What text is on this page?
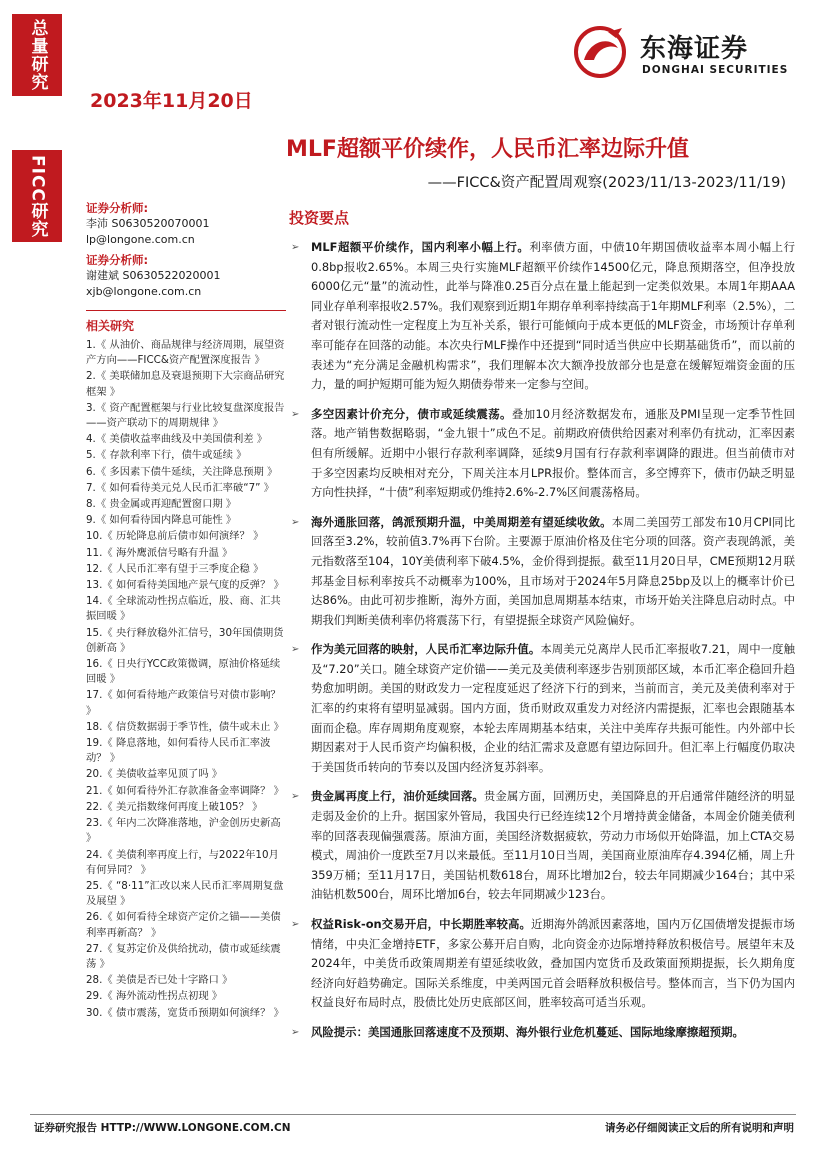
总量研究
FICC研究
2023年11月20日
东海证券
DONGHAI SECURITIES
MLF超额平价续作，人民币汇率边际升值
——FICC&资产配置周观察(2023/11/13-2023/11/19)
证券分析师:
李沛 S0630520070001
lp@longone.com.cn
证券分析师:
谢建斌 S0630522020001
xjb@longone.com.cn
相关研究
1.《 从油价、商品规律与经济周期，展望资产方向——FICC&资产配置深度报告 》
2.《 美联储加息及衰退预期下大宗商品研究框架 》
3.《 资产配置框架与行业比较复盘深度报告——资产联动下的周期规律 》
4.《 美债收益率曲线及中美国债利差 》
5.《 存款利率下行，债牛或延续 》
6.《 多因素下债牛延续，关注降息预期 》
7.《 如何看待美元兑人民币汇率破“7” 》
8.《 贵金属或再迎配置窗口期 》
9.《 如何看待国内降息可能性 》
10.《 历轮降息前后债市如何演绎？ 》
11.《 海外鹰派信号略有升温 》
12.《 人民币汇率有望于三季度企稳 》
13.《 如何看待美国地产景气度的反弹？ 》
14.《 全球流动性拐点临近，股、商、汇共振回暖 》
15.《 央行释放稳外汇信号，30年国债期货创新高 》
16.《 日央行YCC政策微调，原油价格延续回暖 》
17.《 如何看待地产政策信号对债市影响？ 》
18.《 信贷数据弱于季节性，债牛或未止 》
19.《 降息落地，如何看待人民币汇率波动？ 》
20.《 美债收益率见顶了吗 》
21.《 如何看待外汇存款准备金率调降？ 》
22.《 美元指数缘何再度上破105？ 》
23.《 年内二次降准落地，沪金创历史新高 》
24.《 美债利率再度上行，与2022年10月有何异同？ 》
25.《 “8·11”汇改以来人民币汇率周期复盘及展望 》
26.《 如何看待全球资产定价之锚——美债利率再新高？ 》
27.《 复苏定价及供给扰动，债市或延续震荡 》
28.《 美债是否已处十字路口 》
29.《 海外流动性拐点初现 》
30.《 债市震荡，宽货币预期如何演绎？ 》
投资要点
➢ MLF超额平价续作，国内利率小幅上行。利率债方面，中债10年期国债收益率本周小幅上行0.8bp报收2.65%。本周三央行实施MLF超额平价续作14500亿元，降息预期落空，但净投放6000亿元“量”的流动性，此举与降准0.25百分点在量上能起到一定类似效果。本周1年期AAA同业存单利率报收2.57%。我们观察到近期1年期存单利率持续高于1年期MLF利率（2.5%），二者对银行流动性一定程度上为互补关系，银行可能倾向于成本更低的MLF资金，市场预计存单利率可能存在回落的动能。本次央行MLF操作中还提到“同时适当供应中长期基础货币”，而以前的表述为“充分满足金融机构需求”，我们理解本次大额净投放部分也是意在缓解短端资金面的压力，量的呵护短期可能为短久期债券带来一定参与空间。
➢ 多空因素计价充分，债市或延续震荡。叠加10月经济数据发布，通胀及PMI呈现一定季节性回落。地产销售数据略弱，“金九银十”成色不足。前期政府债供给因素对利率仍有扰动，汇率因素但有所缓解。近期中小银行存款利率调降，延续9月国有行存款利率调降的跟进。但当前债市对于多空因素均反映相对充分，下周关注本月LPR报价。整体而言，多空博弈下，债市仍缺乏明显方向性抉择，“十债”利率短期或仍维持2.6%-2.7%区间震荡格局。
➢ 海外通胀回落，鸽派预期升温，中美周期差有望延续收敛。本周二美国劳工部发布10月CPI同比回落至3.2%，较前值3.7%再下台阶。主要源于原油价格及住宅分项的回落。资产表现鸽派，美元指数落至104，10Y美债利率下破4.5%，金价得到提振。截至11月20日早，CME预期12月联邦基金目标利率按兵不动概率为100%，且市场对于2024年5月降息25bp及以上的概率计价已达86%。由此可初步推断，海外方面，美国加息周期基本结束，市场开始关注降息启动时点。中期我们判断美债利率仍将震荡下行，有望提振全球资产风险偏好。
➢ 作为美元回落的映射，人民币汇率边际升值。本周美元兑离岸人民币汇率报收7.21，周中一度触及“7.20”关口。随全球资产定价锚——美元及美债利率逐步告别顶部区域，本币汇率企稳回升趋势愈加明朗。美国的财政发力一定程度延迟了经济下行的到来，当前而言，美元及美债利率对于汇率的约束将有望明显减弱。国内方面，货币财政双重发力对经济内需提振，汇率也会跟随基本面而企稳。库存周期角度观察，本轮去库周期基本结束，关注中美库存共振可能性。内外部中长期因素对于人民币资产均偏积极，企业的结汇需求及意愿有望边际回升。但汇率上行幅度仍取决于美国货币转向的节奏以及国内经济复苏斜率。
➢ 贵金属再度上行，油价延续回落。贵金属方面，回溯历史，美国降息的开启通常伴随经济的明显走弱及金价的上升。据国家外管局，我国央行已经连续12个月增持黄金储备，本周金价随美债利率的回落表现偏强震荡。原油方面，美国经济数据疲软，劳动力市场似开始降温，加上CTA交易模式，周油价一度跌至7月以来最低。至11月10日当周，美国商业原油库存4.394亿桶，周上升359万桶；至11月17日，美国钻机数618台，周环比增加2台，较去年同期减少164台；其中采油钻机数500台，周环比增加6台，较去年同期减少123台。
➢ 权益Risk-on交易开启，中长期胜率较高。近期海外鸽派因素落地，国内万亿国债增发提振市场情绪，中央汇金增持ETF，多家公募开启自购，北向资金亦边际增持释放积极信号。展望年末及2024年，中美货币政策周期差有望延续收敛，叠加国内宽货币及政策面预期提振，长久期角度经济向好趋势确定。国际关系维度，中美两国元首会晤释放积极信号。整体而言，当下仍为国内权益良好布局时点，股债比处历史底部区间，胜率较高可适当乐观。
➢ 风险提示：美国通胀回落速度不及预期、海外银行业危机蔓延、国际地缘摩擦超预期。
证券研究报告 HTTP://WWW.LONGONE.COM.CN	请务必仔细阅读正文后的所有说明和声明
